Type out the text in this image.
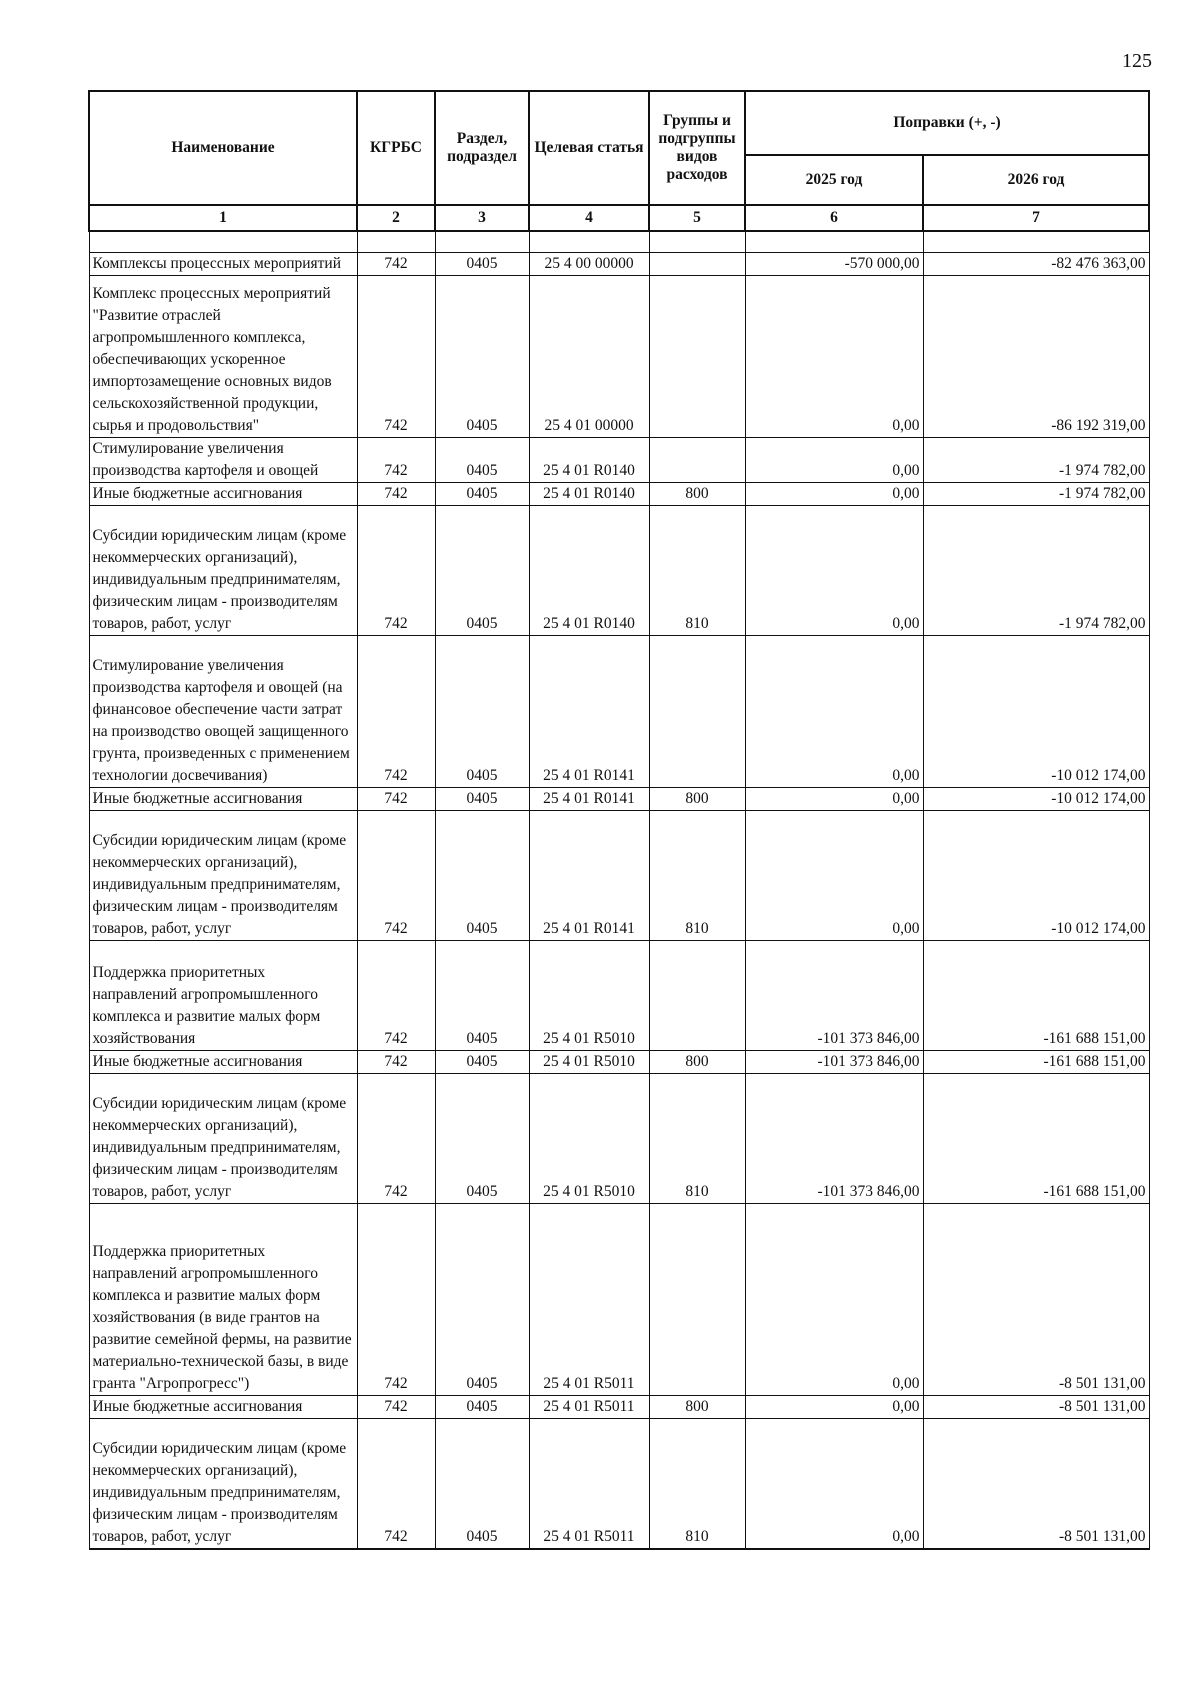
125
Наименование	КГРБС	Раздел, подраздел	Целевая статья	Группы и подгруппы видов расходов	Поправки (+, -)	
					2025 год	2026 год
1	2	3	4	5	6	7

Комплексы процессных мероприятий	742	0405	25 4 00 00000		-570 000,00	-82 476 363,00
Комплекс процессных мероприятий "Развитие отраслей агропромышленного комплекса, обеспечивающих ускоренное импортозамещение основных видов сельскохозяйственной продукции, сырья и продовольствия"	742	0405	25 4 01 00000		0,00	-86 192 319,00
Стимулирование увеличения производства картофеля и овощей	742	0405	25 4 01 R0140		0,00	-1 974 782,00
Иные бюджетные ассигнования	742	0405	25 4 01 R0140	800	0,00	-1 974 782,00
Субсидии юридическим лицам (кроме некоммерческих организаций), индивидуальным предпринимателям, физическим лицам - производителям товаров, работ, услуг	742	0405	25 4 01 R0140	810	0,00	-1 974 782,00
Стимулирование увеличения производства картофеля и овощей (на финансовое обеспечение части затрат на производство овощей защищенного грунта, произведенных с применением технологии досвечивания)	742	0405	25 4 01 R0141		0,00	-10 012 174,00
Иные бюджетные ассигнования	742	0405	25 4 01 R0141	800	0,00	-10 012 174,00
Субсидии юридическим лицам (кроме некоммерческих организаций), индивидуальным предпринимателям, физическим лицам - производителям товаров, работ, услуг	742	0405	25 4 01 R0141	810	0,00	-10 012 174,00
Поддержка приоритетных направлений агропромышленного комплекса и развитие малых форм хозяйствования	742	0405	25 4 01 R5010		-101 373 846,00	-161 688 151,00
Иные бюджетные ассигнования	742	0405	25 4 01 R5010	800	-101 373 846,00	-161 688 151,00
Субсидии юридическим лицам (кроме некоммерческих организаций), индивидуальным предпринимателям, физическим лицам - производителям товаров, работ, услуг	742	0405	25 4 01 R5010	810	-101 373 846,00	-161 688 151,00
Поддержка приоритетных направлений агропромышленного комплекса и развитие малых форм хозяйствования (в виде грантов на развитие семейной фермы, на развитие материально-технической базы, в виде гранта "Агропрогресс")	742	0405	25 4 01 R5011		0,00	-8 501 131,00
Иные бюджетные ассигнования	742	0405	25 4 01 R5011	800	0,00	-8 501 131,00
Субсидии юридическим лицам (кроме некоммерческих организаций), индивидуальным предпринимателям, физическим лицам - производителям товаров, работ, услуг	742	0405	25 4 01 R5011	810	0,00	-8 501 131,00
